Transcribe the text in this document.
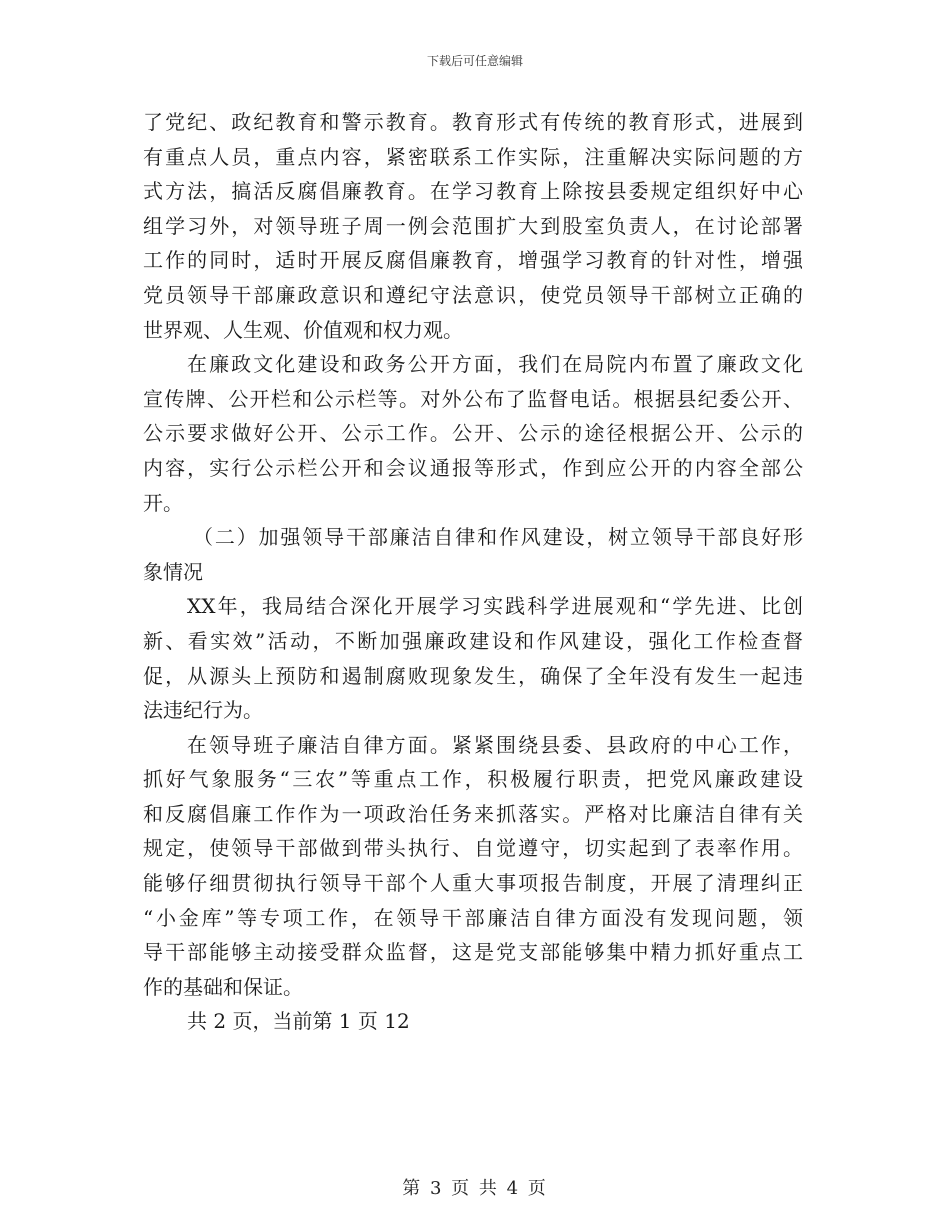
下载后可任意编辑
了党纪、政纪教育和警示教育。教育形式有传统的教育形式，进展到
有重点人员，重点内容，紧密联系工作实际，注重解决实际问题的方
式方法，搞活反腐倡廉教育。在学习教育上除按县委规定组织好中心
组学习外，对领导班子周一例会范围扩大到股室负责人，在讨论部署
工作的同时，适时开展反腐倡廉教育，增强学习教育的针对性，增强
党员领导干部廉政意识和遵纪守法意识，使党员领导干部树立正确的
世界观、人生观、价值观和权力观。
在廉政文化建设和政务公开方面，我们在局院内布置了廉政文化
宣传牌、公开栏和公示栏等。对外公布了监督电话。根据县纪委公开、
公示要求做好公开、公示工作。公开、公示的途径根据公开、公示的
内容，实行公示栏公开和会议通报等形式，作到应公开的内容全部公
开。
（二）加强领导干部廉洁自律和作风建设，树立领导干部良好形
象情况
XX年，我局结合深化开展学习实践科学进展观和“学先进、比创
新、看实效”活动，不断加强廉政建设和作风建设，强化工作检查督
促，从源头上预防和遏制腐败现象发生，确保了全年没有发生一起违
法违纪行为。
在领导班子廉洁自律方面。紧紧围绕县委、县政府的中心工作，
抓好气象服务“三农”等重点工作，积极履行职责，把党风廉政建设
和反腐倡廉工作作为一项政治任务来抓落实。严格对比廉洁自律有关
规定，使领导干部做到带头执行、自觉遵守，切实起到了表率作用。
能够仔细贯彻执行领导干部个人重大事项报告制度，开展了清理纠正
“小金库”等专项工作，在领导干部廉洁自律方面没有发现问题，领
导干部能够主动接受群众监督，这是党支部能够集中精力抓好重点工
作的基础和保证。
共 2 页，当前第 1 页 12
第 3 页 共 4 页
